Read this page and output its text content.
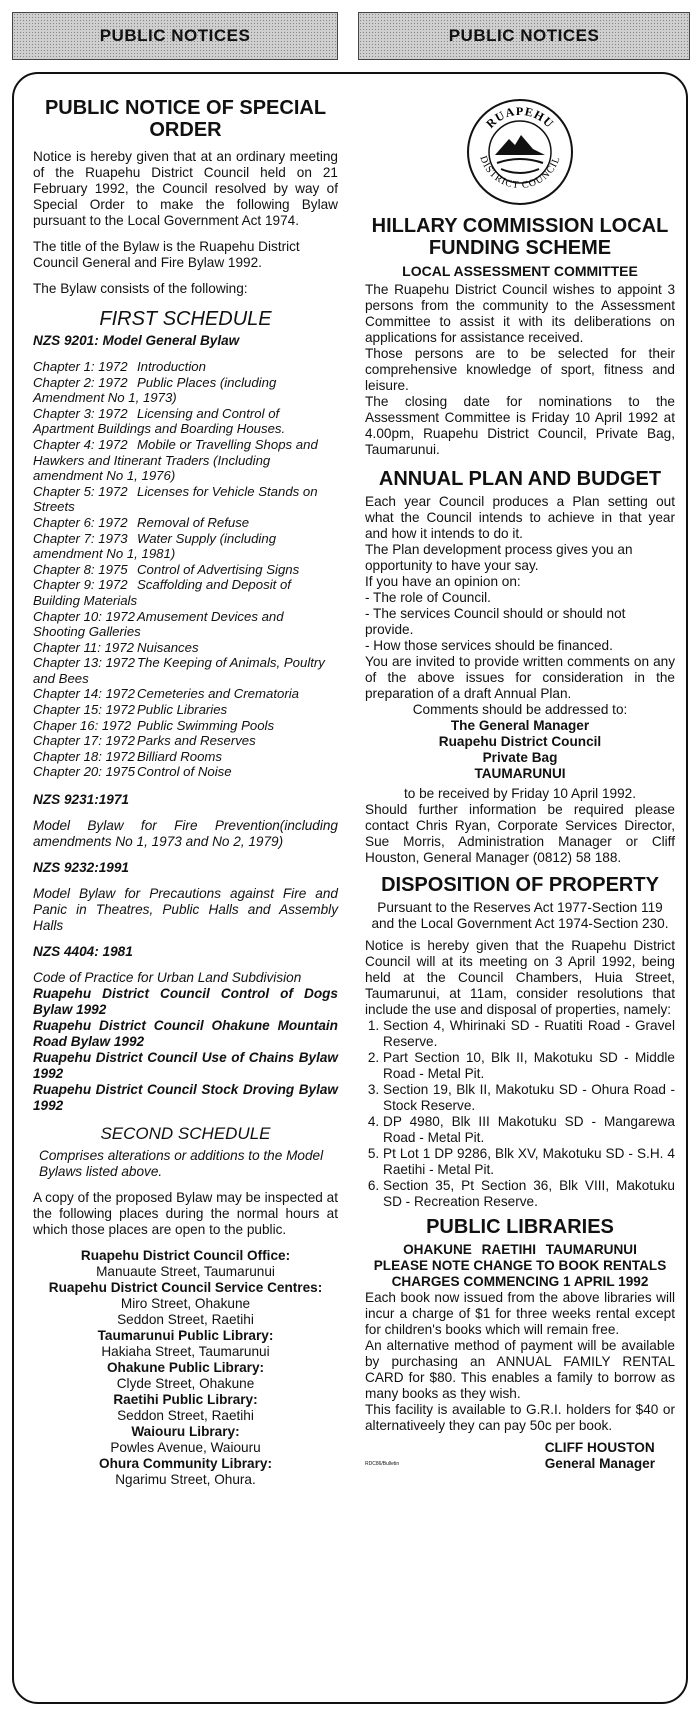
PUBLIC NOTICES	PUBLIC NOTICES
PUBLIC NOTICE OF SPECIAL ORDER

Notice is hereby given that at an ordinary meeting of the Ruapehu District Council held on 21 February 1992, the Council resolved by way of Special Order to make the following Bylaw pursuant to the Local Government Act 1974.

The title of the Bylaw is the Ruapehu District Council General and Fire Bylaw 1992.

The Bylaw consists of the following:

FIRST SCHEDULE

NZS 9201: Model General Bylaw

Chapter 1: 1972 Introduction
Chapter 2: 1972 Public Places (including Amendment No 1, 1973)
Chapter 3: 1972 Licensing and Control of Apartment Buildings and Boarding Houses.
Chapter 4: 1972 Mobile or Travelling Shops and Hawkers and Itinerant Traders (Including amendment No 1, 1976)
Chapter 5: 1972 Licenses for Vehicle Stands on Streets
Chapter 6: 1972 Removal of Refuse
Chapter 7: 1973 Water Supply (including amendment No 1, 1981)
Chapter 8: 1975 Control of Advertising Signs
Chapter 9: 1972 Scaffolding and Deposit of Building Materials
Chapter 10: 1972 Amusement Devices and Shooting Galleries
Chapter 11: 1972 Nuisances
Chapter 13: 1972 The Keeping of Animals, Poultry and Bees
Chapter 14: 1972 Cemeteries and Crematoria
Chapter 15: 1972 Public Libraries
Chaper 16: 1972 Public Swimming Pools
Chapter 17: 1972 Parks and Reserves
Chapter 18: 1972 Billiard Rooms
Chapter 20: 1975 Control of Noise

NZS 9231:1971

Model Bylaw for Fire Prevention(including amendments No 1, 1973 and No 2, 1979)

NZS 9232:1991

Model Bylaw for Precautions against Fire and Panic in Theatres, Public Halls and Assembly Halls

NZS 4404: 1981

Code of Practice for Urban Land Subdivision
Ruapehu District Council Control of Dogs Bylaw 1992
Ruapehu District Council Ohakune Mountain Road Bylaw 1992
Ruapehu District Council Use of Chains Bylaw 1992
Ruapehu District Council Stock Droving Bylaw 1992
SECOND SCHEDULE

Comprises alterations or additions to the Model Bylaws listed above.

A copy of the proposed Bylaw may be inspected at the following places during the normal hours at which those places are open to the public.

Ruapehu District Council Office:
Manuaute Street, Taumarunui
Ruapehu District Council Service Centres:
Miro Street, Ohakune
Seddon Street, Raetihi
Taumarunui Public Library:
Hakiaha Street, Taumarunui
Ohakune Public Library:
Clyde Street, Ohakune
Raetihi Public Library:
Seddon Street, Raetihi
Waiouru Library:
Powles Avenue, Waiouru
Ohura Community Library:
Ngarimu Street, Ohura.
RUAPEHU
DISTRICT COUNCIL
HILLARY COMMISSION LOCAL FUNDING SCHEME
LOCAL ASSESSMENT COMMITTEE
The Ruapehu District Council wishes to appoint 3 persons from the community to the Assessment Committee to assist it with its deliberations on applications for assistance received.
Those persons are to be selected for their comprehensive knowledge of sport, fitness and leisure.
The closing date for nominations to the Assessment Committee is Friday 10 April 1992 at 4.00pm, Ruapehu District Council, Private Bag, Taumarunui.
ANNUAL PLAN AND BUDGET
Each year Council produces a Plan setting out what the Council intends to achieve in that year and how it intends to do it.
The Plan development process gives you an opportunity to have your say.
If you have an opinion on:
- The role of Council.
- The services Council should or should not provide.
- How those services should be financed.
You are invited to provide written comments on any of the above issues for consideration in the preparation of a draft Annual Plan.
Comments should be addressed to:
The General Manager
Ruapehu District Council
Private Bag
TAUMARUNUI
to be received by Friday 10 April 1992.
Should further information be required please contact Chris Ryan, Corporate Services Director, Sue Morris, Administration Manager or Cliff Houston, General Manager (0812) 58 188.
DISPOSITION OF PROPERTY
Pursuant to the Reserves Act 1977-Section 119 and the Local Government Act 1974-Section 230.
Notice is hereby given that the Ruapehu District Council will at its meeting on 3 April 1992, being held at the Council Chambers, Huia Street, Taumarunui, at 11am, consider resolutions that include the use and disposal of properties, namely:
1. Section 4, Whirinaki SD - Ruatiti Road - Gravel Reserve.
2. Part Section 10, Blk II, Makotuku SD - Middle Road - Metal Pit.
3. Section 19, Blk II, Makotuku SD - Ohura Road - Stock Reserve.
4. DP 4980, Blk III Makotuku SD - Mangarewa Road - Metal Pit.
5. Pt Lot 1 DP 9286, Blk XV, Makotuku SD - S.H. 4 Raetihi - Metal Pit.
6. Section 35, Pt Section 36, Blk VIII, Makotuku SD - Recreation Reserve.
PUBLIC LIBRARIES
OHAKUNE RAETIHI TAUMARUNUI
PLEASE NOTE CHANGE TO BOOK RENTALS CHARGES COMMENCING 1 APRIL 1992
Each book now issued from the above libraries will incur a charge of $1 for three weeks rental except for children's books which will remain free.
An alternative method of payment will be available by purchasing an ANNUAL FAMILY RENTAL CARD for $80. This enables a family to borrow as many books as they wish.
This facility is available to G.R.I. holders for $40 or alternativeely they can pay 50c per book.
RDC86/Bulletin
CLIFF HOUSTON
General Manager
